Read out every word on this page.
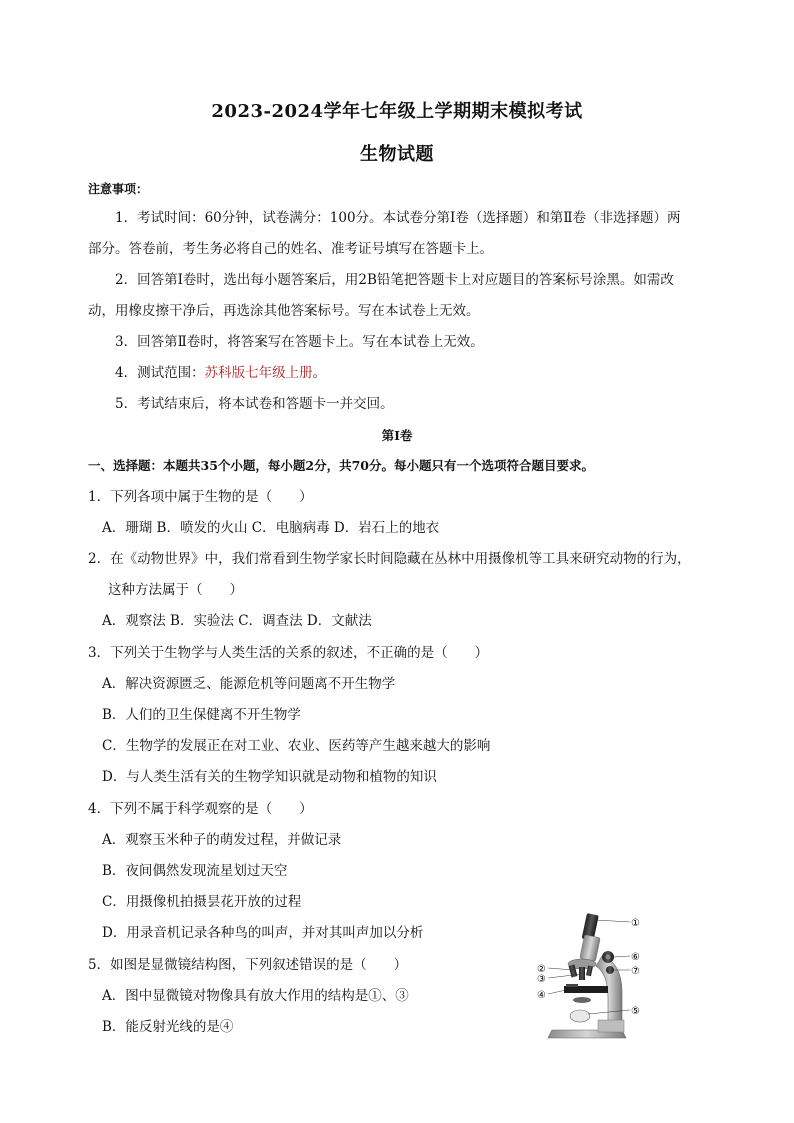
2023-2024学年七年级上学期期末模拟考试
生物试题
注意事项：
1．考试时间：60分钟，试卷满分：100分。本试卷分第Ⅰ卷（选择题）和第Ⅱ卷（非选择题）两
部分。答卷前，考生务必将自己的姓名、准考证号填写在答题卡上。
2．回答第Ⅰ卷时，选出每小题答案后，用2B铅笔把答题卡上对应题目的答案标号涂黑。如需改
动，用橡皮擦干净后，再选涂其他答案标号。写在本试卷上无效。
3．回答第Ⅱ卷时，将答案写在答题卡上。写在本试卷上无效。
4．测试范围：苏科版七年级上册。
5．考试结束后，将本试卷和答题卡一并交回。
第Ⅰ卷
一、选择题：本题共35个小题，每小题2分，共70分。每小题只有一个选项符合题目要求。
1．下列各项中属于生物的是（　　）
A．珊瑚 B．喷发的火山 C．电脑病毒 D．岩石上的地衣
2．在《动物世界》中，我们常看到生物学家长时间隐藏在丛林中用摄像机等工具来研究动物的行为，
这种方法属于（　　）
A．观察法 B．实验法 C．调查法 D．文献法
3．下列关于生物学与人类生活的关系的叙述，不正确的是（　　）
A．解决资源匮乏、能源危机等问题离不开生物学
B．人们的卫生保健离不开生物学
C．生物学的发展正在对工业、农业、医药等产生越来越大的影响
D．与人类生活有关的生物学知识就是动物和植物的知识
4．下列不属于科学观察的是（　　）
A．观察玉米种子的萌发过程，并做记录
B．夜间偶然发现流星划过天空
C．用摄像机拍摄昙花开放的过程
D．用录音机记录各种鸟的叫声，并对其叫声加以分析
5．如图是显微镜结构图，下列叙述错误的是（　　）
A．图中显微镜对物像具有放大作用的结构是①、③
B．能反射光线的是④
①
②
③
④
⑤
⑥
⑦
